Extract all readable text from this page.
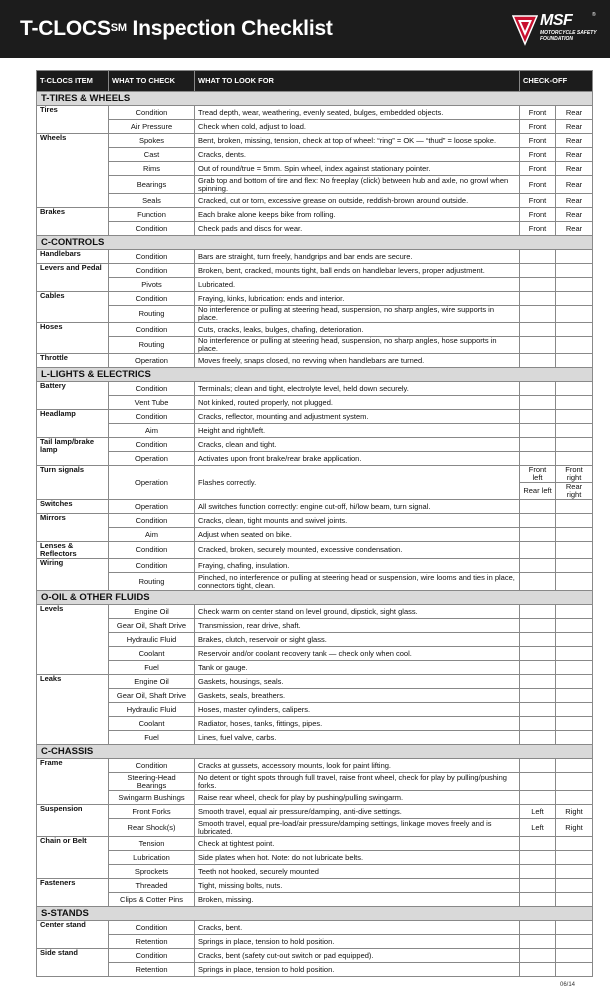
T-CLOCS℠ Inspection Checklist	MSF
MOTORCYCLE SAFETY FOUNDATION
®
T-CLOCS ITEM	WHAT TO CHECK	WHAT TO LOOK FOR	CHECK-OFF	
T-TIRES & WHEELS				
Tires	Condition	Tread depth, wear, weathering, evenly seated, bulges, embedded objects.	Front	Rear
	Air Pressure	Check when cold, adjust to load.	Front	Rear
Wheels	Spokes	Bent, broken, missing, tension, check at top of wheel: “ring” = OK — “thud” = loose spoke.	Front	Rear
	Cast	Cracks, dents.	Front	Rear
	Rims	Out of round/true = 5mm. Spin wheel, index against stationary pointer.	Front	Rear
	Bearings	Grab top and bottom of tire and flex: No freeplay (click) between hub and axle, no growl when spinning.	Front	Rear
	Seals	Cracked, cut or torn, excessive grease on outside, reddish-brown around outside.	Front	Rear
Brakes	Function	Each brake alone keeps bike from rolling.	Front	Rear
	Condition	Check pads and discs for wear.	Front	Rear
C-CONTROLS				
Handlebars	Condition	Bars are straight, turn freely, handgrips and bar ends are secure.		
Levers and Pedal	Condition	Broken, bent, cracked, mounts tight, ball ends on handlebar levers, proper adjustment.		
	Pivots	Lubricated.		
Cables	Condition	Fraying, kinks, lubrication: ends and interior.		
	Routing	No interference or pulling at steering head, suspension, no sharp angles, wire supports in place.		
Hoses	Condition	Cuts, cracks, leaks, bulges, chafing, deterioration.		
	Routing	No interference or pulling at steering head, suspension, no sharp angles, hose supports in place.		
Throttle	Operation	Moves freely, snaps closed, no revving when handlebars are turned.		
L-LIGHTS & ELECTRICS				
Battery	Condition	Terminals; clean and tight, electrolyte level, held down securely.		
	Vent Tube	Not kinked, routed properly, not plugged.		
Headlamp	Condition	Cracks, reflector, mounting and adjustment system.		
	Aim	Height and right/left.		
Tail lamp/brake lamp	Condition	Cracks, clean and tight.		
	Operation	Activates upon front brake/rear brake application.		
Turn signals	Operation	Flashes correctly.	Front left	Front right
			Rear left	Rear right
Switches	Operation	All switches function correctly: engine cut-off, hi/low beam, turn signal.		
Mirrors	Condition	Cracks, clean, tight mounts and swivel joints.		
	Aim	Adjust when seated on bike.		
Lenses & Reflectors	Condition	Cracked, broken, securely mounted, excessive condensation.		
Wiring	Condition	Fraying, chafing, insulation.		
	Routing	Pinched, no interference or pulling at steering head or suspension, wire looms and ties in place, connectors tight, clean.		
O-OIL & OTHER FLUIDS				
Levels	Engine Oil	Check warm on center stand on level ground, dipstick, sight glass.		
	Gear Oil, Shaft Drive	Transmission, rear drive, shaft.		
	Hydraulic Fluid	Brakes, clutch, reservoir or sight glass.		
	Coolant	Reservoir and/or coolant recovery tank — check only when cool.		
	Fuel	Tank or gauge.		
Leaks	Engine Oil	Gaskets, housings, seals.		
	Gear Oil, Shaft Drive	Gaskets, seals, breathers.		
	Hydraulic Fluid	Hoses, master cylinders, calipers.		
	Coolant	Radiator, hoses, tanks, fittings, pipes.		
	Fuel	Lines, fuel valve, carbs.		
C-CHASSIS				
Frame	Condition	Cracks at gussets, accessory mounts, look for paint lifting.		
	Steering-Head Bearings	No detent or tight spots through full travel, raise front wheel, check for play by pulling/pushing forks.		
	Swingarm Bushings	Raise rear wheel, check for play by pushing/pulling swingarm.		
Suspension	Front Forks	Smooth travel, equal air pressure/damping, anti-dive settings.	Left	Right
	Rear Shock(s)	Smooth travel, equal pre-load/air pressure/damping settings, linkage moves freely and is lubricated.	Left	Right
Chain or Belt	Tension	Check at tightest point.		
	Lubrication	Side plates when hot. Note: do not lubricate belts.		
	Sprockets	Teeth not hooked, securely mounted		
Fasteners	Threaded	Tight, missing bolts, nuts.		
	Clips & Cotter Pins	Broken, missing.		
S-STANDS				
Center stand	Condition	Cracks, bent.		
	Retention	Springs in place, tension to hold position.		
Side stand	Condition	Cracks, bent (safety cut-out switch or pad equipped).		
	Retention	Springs in place, tension to hold position.		
06/14
